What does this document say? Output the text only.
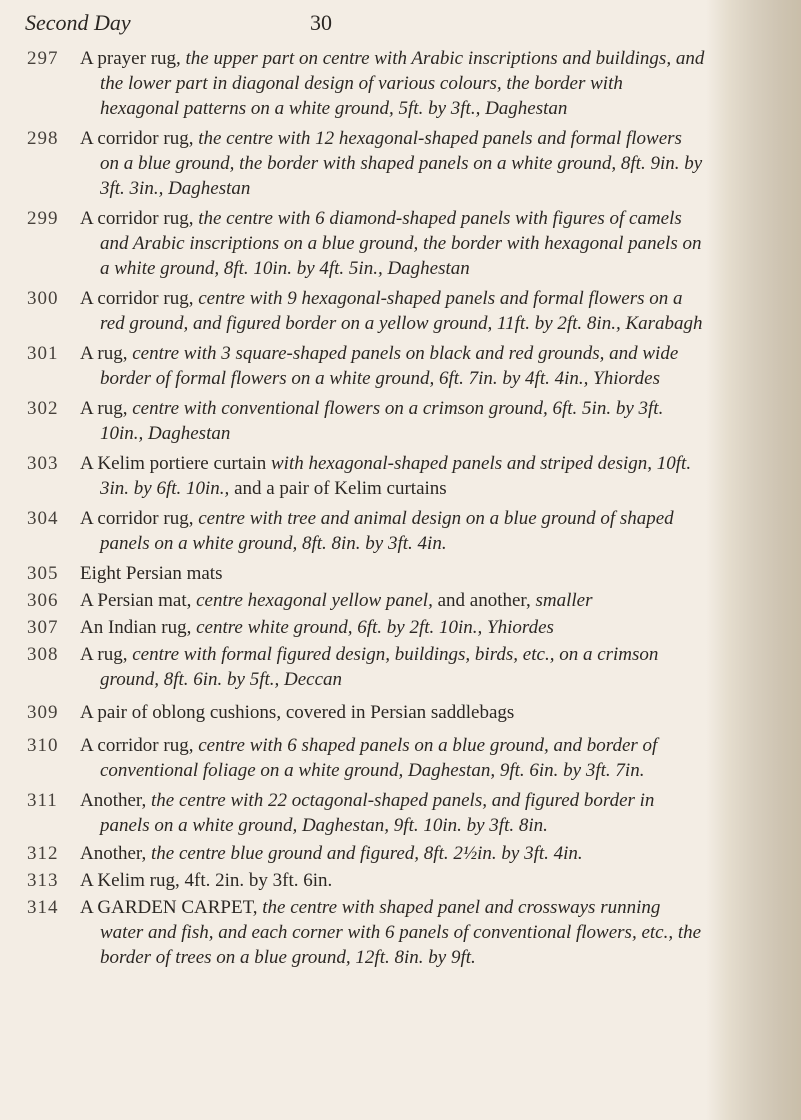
Second Day	30
297	A prayer rug, the upper part on centre with Arabic inscriptions and buildings, and the lower part in diagonal design of various colours, the border with hexagonal patterns on a white ground, 5ft. by 3ft., Daghestan
298	A corridor rug, the centre with 12 hexagonal-shaped panels and formal flowers on a blue ground, the border with shaped panels on a white ground, 8ft. 9in. by 3ft. 3in., Daghestan
299	A corridor rug, the centre with 6 diamond-shaped panels with figures of camels and Arabic inscriptions on a blue ground, the border with hexagonal panels on a white ground, 8ft. 10in. by 4ft. 5in., Daghestan
300	A corridor rug, centre with 9 hexagonal-shaped panels and formal flowers on a red ground, and figured border on a yellow ground, 11ft. by 2ft. 8in., Karabagh
301	A rug, centre with 3 square-shaped panels on black and red grounds, and wide border of formal flowers on a white ground, 6ft. 7in. by 4ft. 4in., Yhiordes
302	A rug, centre with conventional flowers on a crimson ground, 6ft. 5in. by 3ft. 10in., Daghestan
303	A Kelim portiere curtain with hexagonal-shaped panels and striped design, 10ft. 3in. by 6ft. 10in., and a pair of Kelim curtains
304	A corridor rug, centre with tree and animal design on a blue ground of shaped panels on a white ground, 8ft. 8in. by 3ft. 4in.
305	Eight Persian mats
306	A Persian mat, centre hexagonal yellow panel, and another, smaller
307	An Indian rug, centre white ground, 6ft. by 2ft. 10in., Yhiordes
308	A rug, centre with formal figured design, buildings, birds, etc., on a crimson ground, 8ft. 6in. by 5ft., Deccan
309	A pair of oblong cushions, covered in Persian saddlebags
310	A corridor rug, centre with 6 shaped panels on a blue ground, and border of conventional foliage on a white ground, Daghestan, 9ft. 6in. by 3ft. 7in.
311	Another, the centre with 22 octagonal-shaped panels, and figured border in panels on a white ground, Daghestan, 9ft. 10in. by 3ft. 8in.
312	Another, the centre blue ground and figured, 8ft. 2½in. by 3ft. 4in.
313	A Kelim rug, 4ft. 2in. by 3ft. 6in.
314	A GARDEN CARPET, the centre with shaped panel and crossways running water and fish, and each corner with 6 panels of conventional flowers, etc., the border of trees on a blue ground, 12ft. 8in. by 9ft.
